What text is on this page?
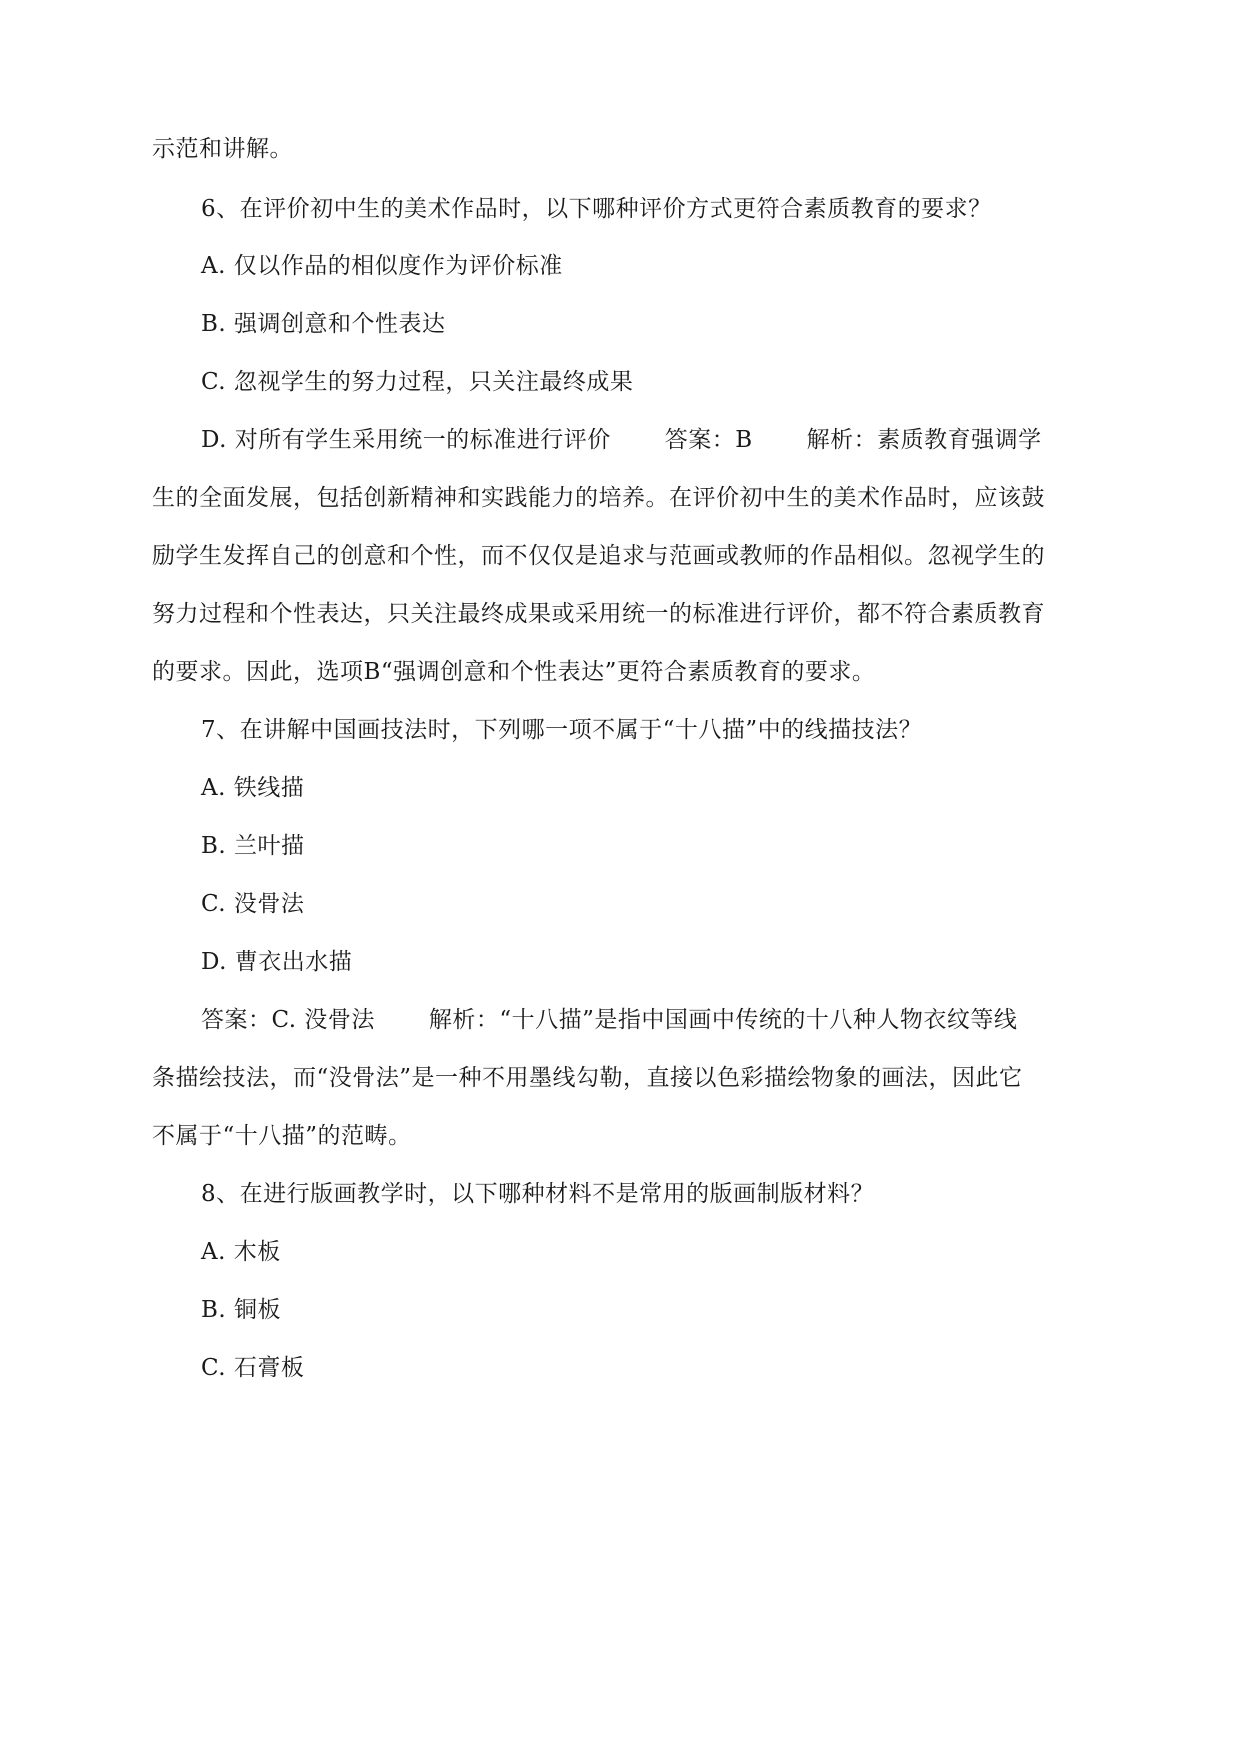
示范和讲解。
6、在评价初中生的美术作品时，以下哪种评价方式更符合素质教育的要求？
A. 仅以作品的相似度作为评价标准
B. 强调创意和个性表达
C. 忽视学生的努力过程，只关注最终成果
D. 对所有学生采用统一的标准进行评价 答案：B 解析：素质教育强调学
生的全面发展，包括创新精神和实践能力的培养。在评价初中生的美术作品时，应该鼓
励学生发挥自己的创意和个性，而不仅仅是追求与范画或教师的作品相似。忽视学生的
努力过程和个性表达，只关注最终成果或采用统一的标准进行评价，都不符合素质教育
的要求。因此，选项B“强调创意和个性表达”更符合素质教育的要求。
7、在讲解中国画技法时，下列哪一项不属于“十八描”中的线描技法？
A. 铁线描
B. 兰叶描
C. 没骨法
D. 曹衣出水描
答案：C. 没骨法 解析：“十八描”是指中国画中传统的十八种人物衣纹等线
条描绘技法，而“没骨法”是一种不用墨线勾勒，直接以色彩描绘物象的画法，因此它
不属于“十八描”的范畴。
8、在进行版画教学时，以下哪种材料不是常用的版画制版材料？
A. 木板
B. 铜板
C. 石膏板
